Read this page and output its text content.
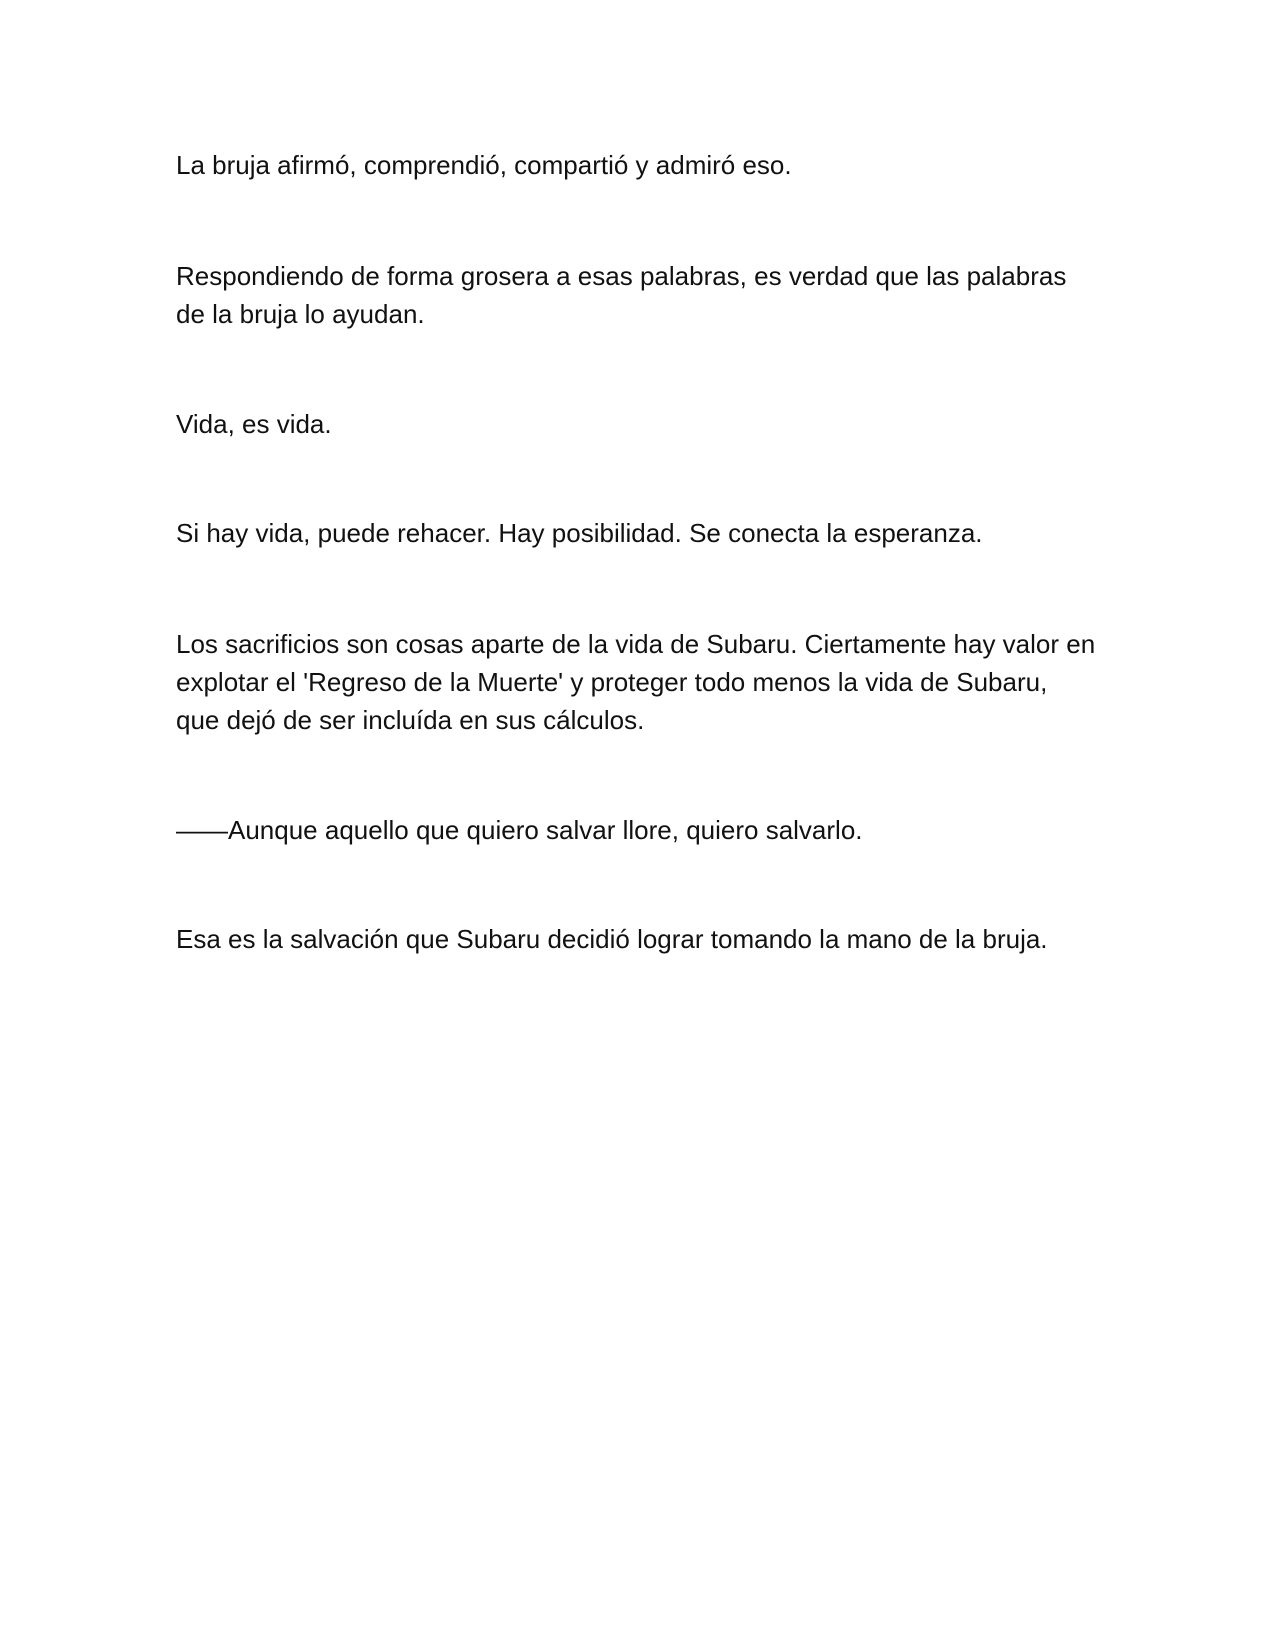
La bruja afirmó, comprendió, compartió y admiró eso.

Respondiendo de forma grosera a esas palabras, es verdad que las palabras de la bruja lo ayudan.

Vida, es vida.

Si hay vida, puede rehacer. Hay posibilidad. Se conecta la esperanza.

Los sacrificios son cosas aparte de la vida de Subaru. Ciertamente hay valor en explotar el 'Regreso de la Muerte' y proteger todo menos la vida de Subaru, que dejó de ser incluída en sus cálculos.

——Aunque aquello que quiero salvar llore, quiero salvarlo.

Esa es la salvación que Subaru decidió lograr tomando la mano de la bruja.
